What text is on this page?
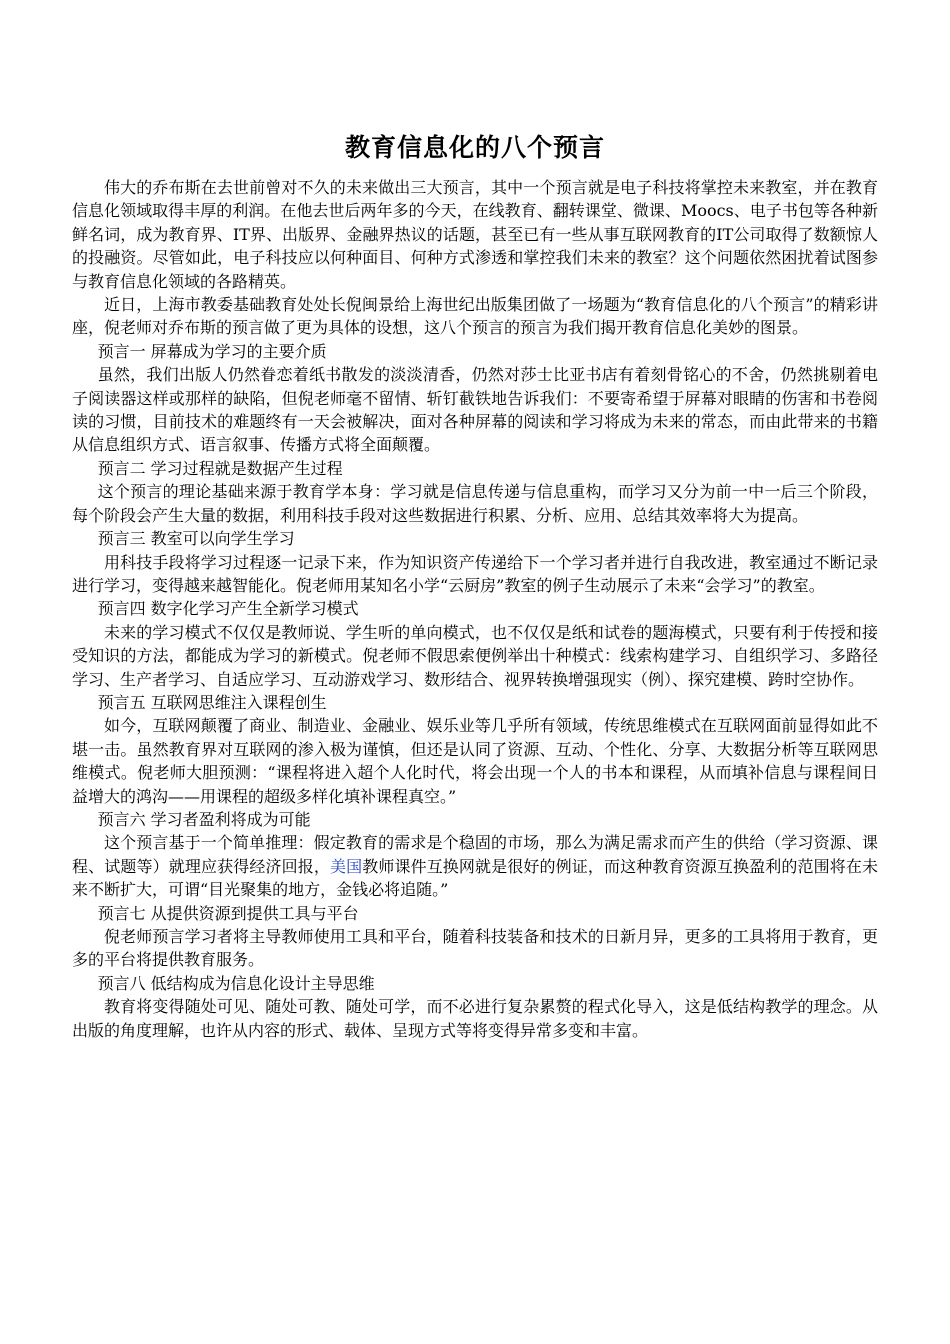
教育信息化的八个预言

伟大的乔布斯在去世前曾对不久的未来做出三大预言，其中一个预言就是电子科技将掌控未来教室，并在教育信息化领域取得丰厚的利润。在他去世后两年多的今天，在线教育、翻转课堂、微课、Moocs、电子书包等各种新鲜名词，成为教育界、IT界、出版界、金融界热议的话题，甚至已有一些从事互联网教育的IT公司取得了数额惊人的投融资。尽管如此，电子科技应以何种面目、何种方式渗透和掌控我们未来的教室？这个问题依然困扰着试图参与教育信息化领域的各路精英。

近日，上海市教委基础教育处处长倪闽景给上海世纪出版集团做了一场题为“教育信息化的八个预言”的精彩讲座，倪老师对乔布斯的预言做了更为具体的设想，这八个预言的预言为我们揭开教育信息化美妙的图景。

预言一 屏幕成为学习的主要介质

虽然，我们出版人仍然眷恋着纸书散发的淡淡清香，仍然对莎士比亚书店有着刻骨铭心的不舍，仍然挑剔着电子阅读器这样或那样的缺陷，但倪老师毫不留情、斩钉截铁地告诉我们：不要寄希望于屏幕对眼睛的伤害和书卷阅读的习惯，目前技术的难题终有一天会被解决，面对各种屏幕的阅读和学习将成为未来的常态，而由此带来的书籍从信息组织方式、语言叙事、传播方式将全面颠覆。

预言二 学习过程就是数据产生过程

这个预言的理论基础来源于教育学本身：学习就是信息传递与信息重构，而学习又分为前一中一后三个阶段，每个阶段会产生大量的数据，利用科技手段对这些数据进行积累、分析、应用、总结其效率将大为提高。

预言三 教室可以向学生学习

用科技手段将学习过程逐一记录下来，作为知识资产传递给下一个学习者并进行自我改进，教室通过不断记录进行学习，变得越来越智能化。倪老师用某知名小学“云厨房”教室的例子生动展示了未来“会学习”的教室。

预言四 数字化学习产生全新学习模式

未来的学习模式不仅仅是教师说、学生听的单向模式，也不仅仅是纸和试卷的题海模式，只要有利于传授和接受知识的方法，都能成为学习的新模式。倪老师不假思索便例举出十种模式：线索构建学习、自组织学习、多路径学习、生产者学习、自适应学习、互动游戏学习、数形结合、视界转换增强现实（例）、探究建模、跨时空协作。

预言五 互联网思维注入课程创生

如今，互联网颠覆了商业、制造业、金融业、娱乐业等几乎所有领域，传统思维模式在互联网面前显得如此不堪一击。虽然教育界对互联网的渗入极为谨慎，但还是认同了资源、互动、个性化、分享、大数据分析等互联网思维模式。倪老师大胆预测：“课程将进入超个人化时代，将会出现一个人的书本和课程，从而填补信息与课程间日益增大的鸿沟——用课程的超级多样化填补课程真空。”

预言六 学习者盈利将成为可能

这个预言基于一个简单推理：假定教育的需求是个稳固的市场，那么为满足需求而产生的供给（学习资源、课程、试题等）就理应获得经济回报，美国教师课件互换网就是很好的例证，而这种教育资源互换盈利的范围将在未来不断扩大，可谓“目光聚集的地方，金钱必将追随。”

预言七 从提供资源到提供工具与平台

倪老师预言学习者将主导教师使用工具和平台，随着科技装备和技术的日新月异，更多的工具将用于教育，更多的平台将提供教育服务。

预言八 低结构成为信息化设计主导思维

教育将变得随处可见、随处可教、随处可学，而不必进行复杂累赘的程式化导入，这是低结构教学的理念。从出版的角度理解，也许从内容的形式、载体、呈现方式等将变得异常多变和丰富。
